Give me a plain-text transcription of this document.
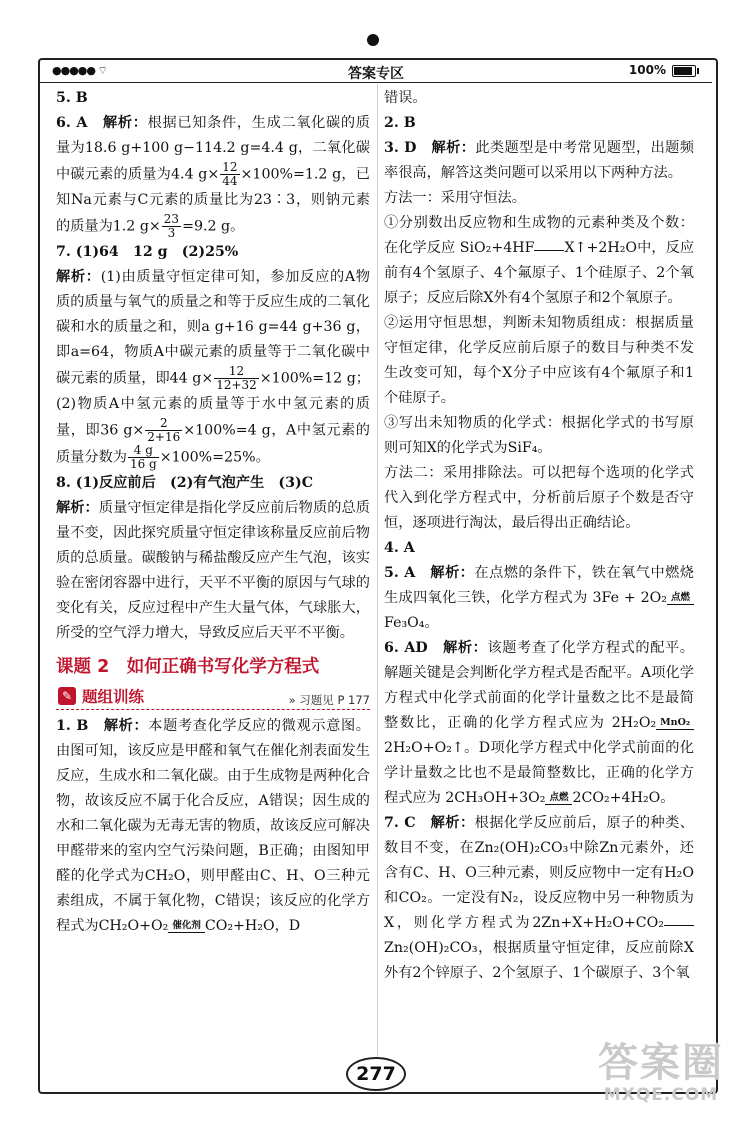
●●●●● ⌔	答案专区	100%

5. B

6. A　解析：根据已知条件，生成二氧化碳的质量为18.6 g+100 g−114.2 g=4.4 g，二氧化碳中碳元素的质量为4.4 $g\times \frac{12}{44} \times 100\%=1.2$ g，已知Na元素与C元素的质量比为23∶3，则钠元素的质量为1.2 $g\times \frac{23}{3} =9.2$ g。

7. (1)64　12 g　(2)25%

解析：(1)由质量守恒定律可知，参加反应的A物质的质量与氧气的质量之和等于反应生成的二氧化碳和水的质量之和，则a g+16 g=44 g+36 g，即a=64，物质A中碳元素的质量等于二氧化碳中碳元素的质量，即44 $g\times \frac{12}{12+32} \times 100\%=12$ g；(2)物质A中氢元素的质量等于水中氢元素的质量，即36 $g\times \frac{2}{2+16} \times 100\%=4$ g，A中氢元素的质量分数为 $\frac{4 g}{16 g} \times 100\%=25\%$。

8. (1)反应前后　(2)有气泡产生　(3)C

解析：质量守恒定律是指化学反应前后物质的总质量不变，因此探究质量守恒定律该称量反应前后物质的总质量。碳酸钠与稀盐酸反应产生气泡，该实验在密闭容器中进行，天平不平衡的原因与气球的变化有关，反应过程中产生大量气体，气球胀大，所受的空气浮力增大，导致反应后天平不平衡。

课题 2　如何正确书写化学方程式
✎ 题组训练	» 习题见 P 177

1. B　解析：本题考查化学反应的微观示意图。由图可知，该反应是甲醛和氧气在催化剂表面发生反应，生成水和二氧化碳。由于生成物是两种化合物，故该反应不属于化合反应，A错误；因生成的水和二氧化碳为无毒无害的物质，故该反应可解决甲醛带来的室内空气污染问题，B正确；由图知甲醛的化学式为CH₂O，则甲醛由C、H、O三种元素组成，不属于氧化物，C错误；该反应的化学方程式为CH₂O+O₂ 催化剂 CO₂+H₂O，D

错误。

2. B

3. D　解析：此类题型是中考常见题型，出题频率很高，解答这类问题可以采用以下两种方法。

方法一：采用守恒法。

①分别数出反应物和生成物的元素种类及个数：在化学反应 SiO₂+4HF X↑+2H₂O中，反应前有4个氢原子、4个氟原子、1个硅原子、2个氧原子；反应后除X外有4个氢原子和2个氧原子。

②运用守恒思想，判断未知物质组成：根据质量守恒定律，化学反应前后原子的数目与种类不发生改变可知，每个X分子中应该有4个氟原子和1个硅原子。

③写出未知物质的化学式：根据化学式的书写原则可知X的化学式为SiF₄。

方法二：采用排除法。可以把每个选项的化学式代入到化学方程式中，分析前后原子个数是否守恒，逐项进行淘汰，最后得出正确结论。

4. A

5. A　解析：在点燃的条件下，铁在氧气中燃烧生成四氧化三铁，化学方程式为 3Fe + 2O₂ 点燃
Fe₃O₄。

6. AD　解析：该题考查了化学方程式的配平。解题关键是会判断化学方程式是否配平。A项化学方程式中化学式前面的化学计量数之比不是最简整数比，正确的化学方程式应为 2H₂O₂ MnO₂
2H₂O+O₂↑。D项化学方程式中化学式前面的化学计量数之比也不是最简整数比，正确的化学方程式应为 2CH₃OH+3O₂ 点燃 2CO₂+4H₂O。

7. C　解析：根据化学反应前后，原子的种类、数目不变，在Zn₂(OH)₂CO₃中除Zn元素外，还含有C、H、O三种元素，则反应物中一定有H₂O和CO₂。一定没有N₂，设反应物中另一种物质为X，则化学方程式为2Zn+X+H₂O+CO₂
Zn₂(OH)₂CO₃，根据质量守恒定律，反应前除X外有2个锌原子、2个氢原子、1个碳原子、3个氧

277	答案圈
MXQE.COM
